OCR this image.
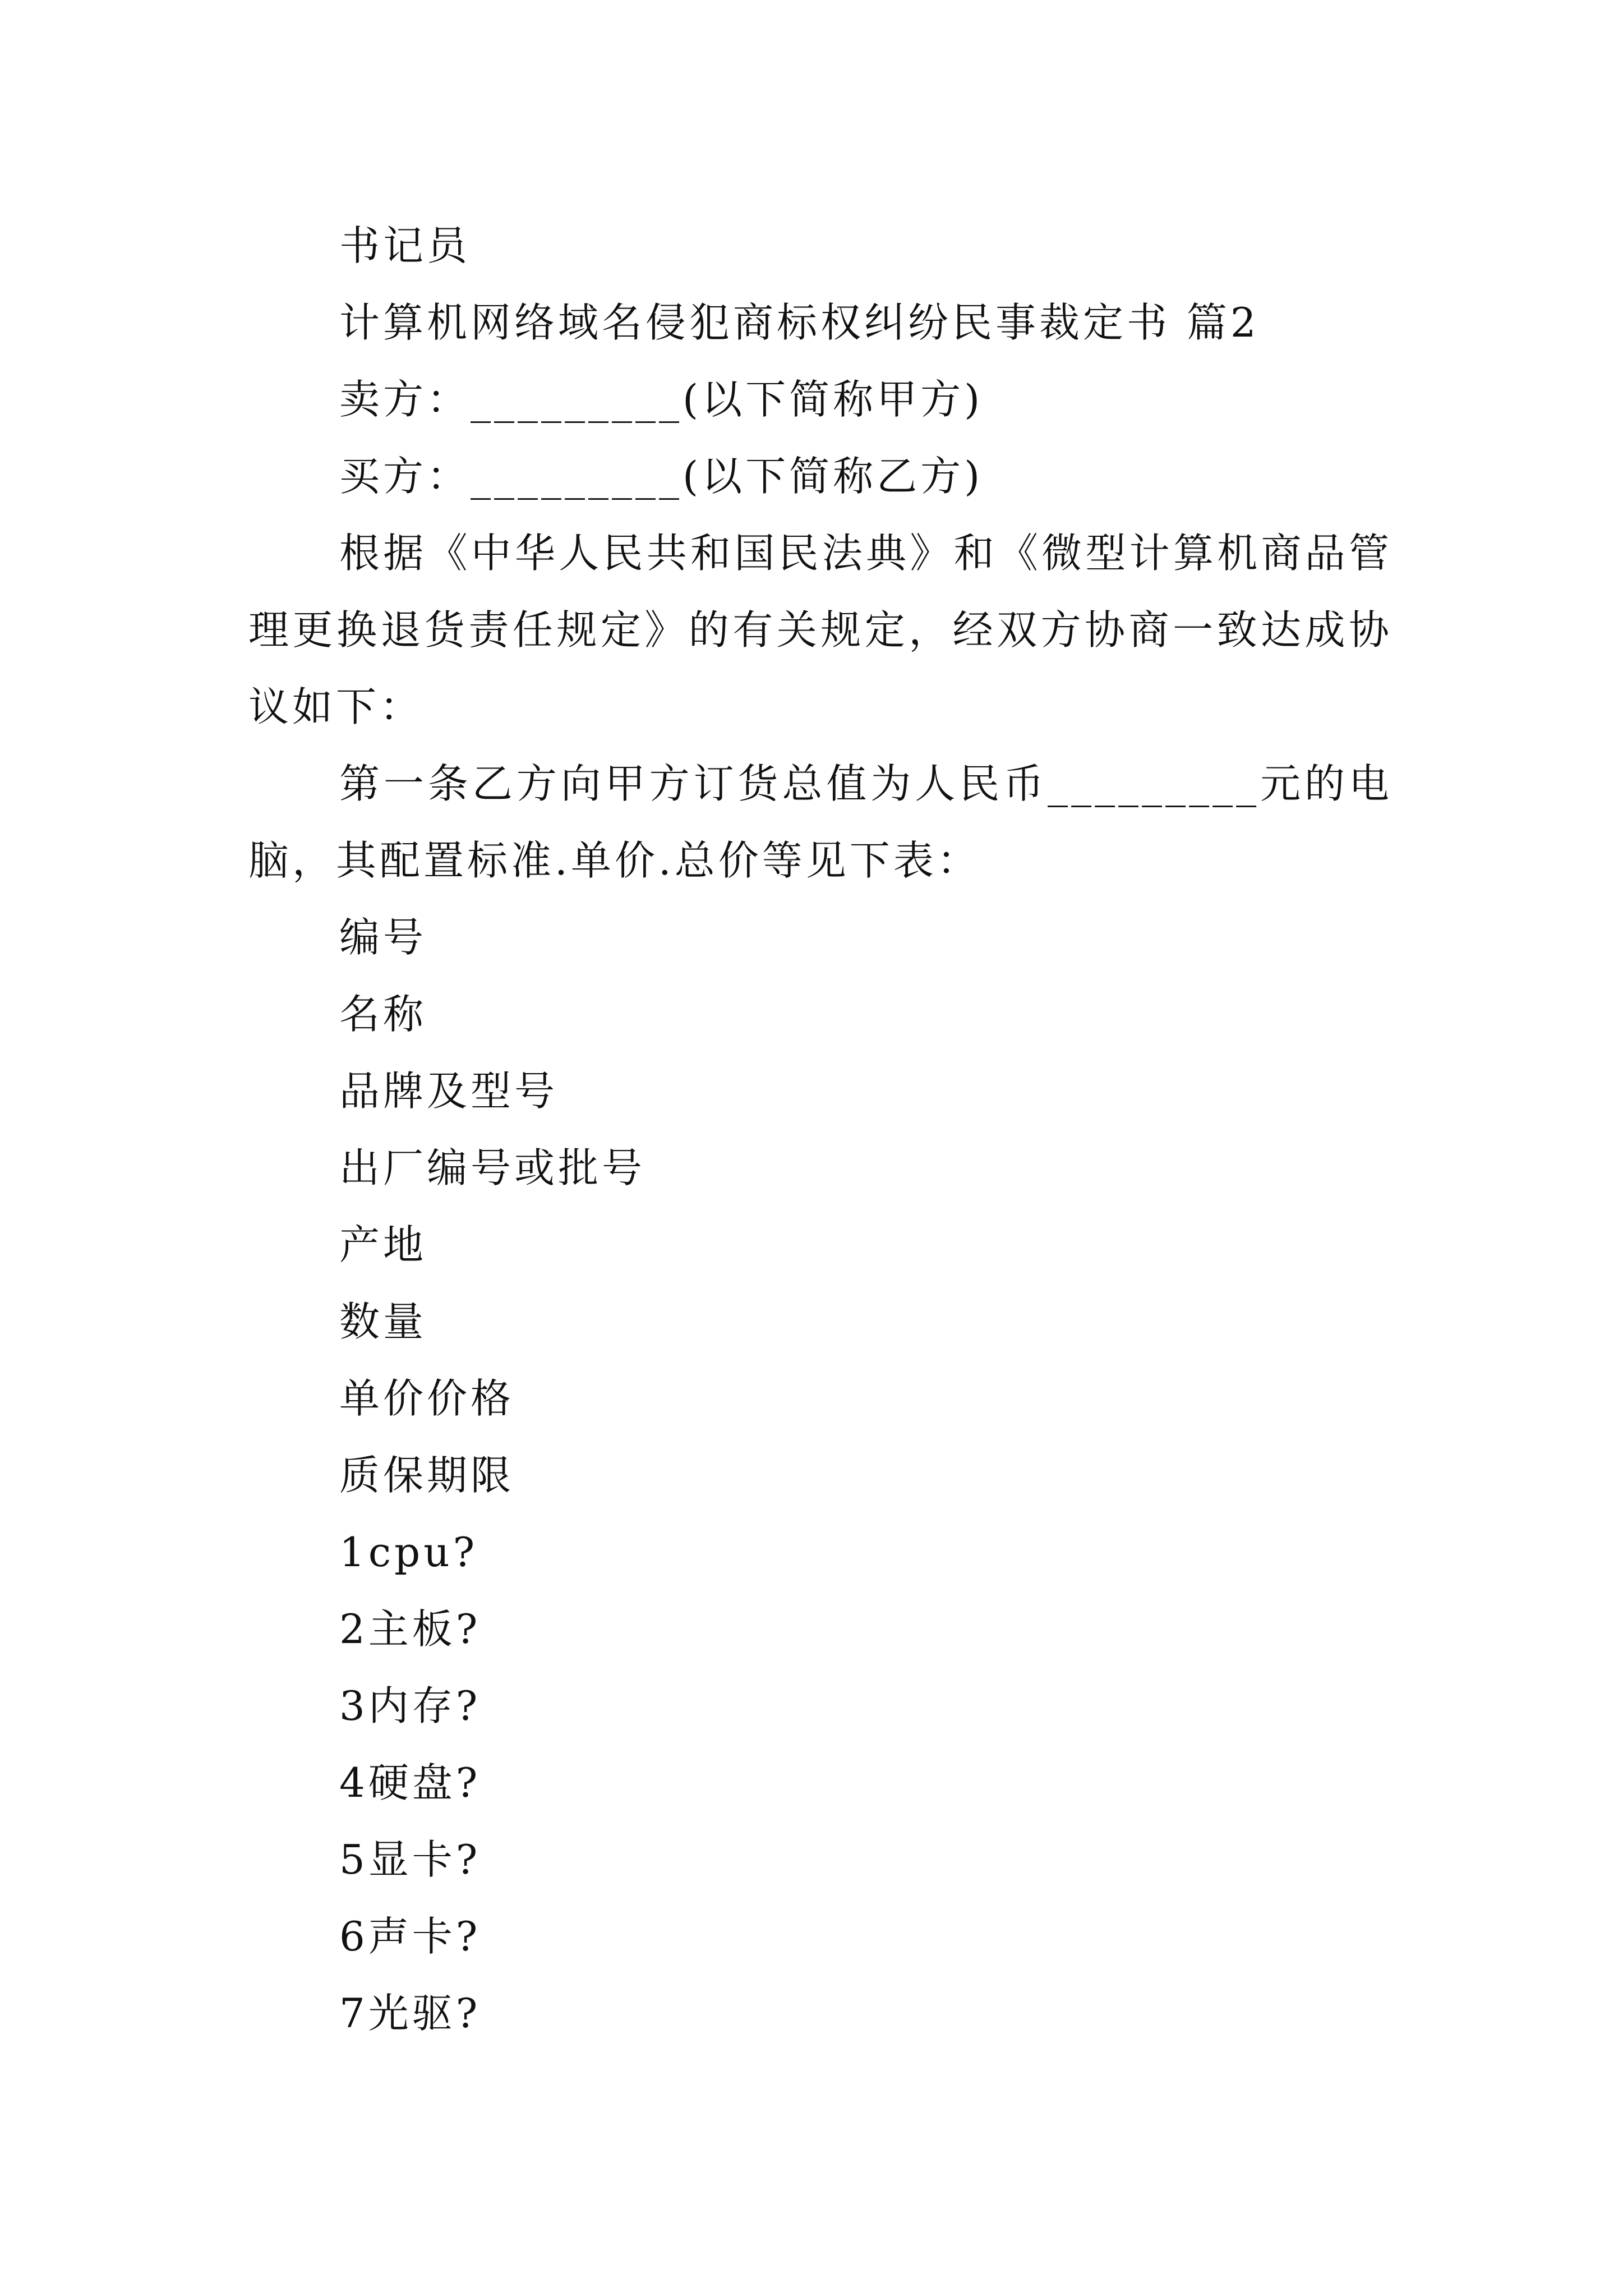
书记员

计算机网络域名侵犯商标权纠纷民事裁定书 篇2

卖方：_________(以下简称甲方)

买方：_________(以下简称乙方)

根据《中华人民共和国民法典》和《微型计算机商品管理更换退货责任规定》的有关规定，经双方协商一致达成协议如下：

第一条乙方向甲方订货总值为人民币_________元的电脑，其配置标准.单价.总价等见下表：

编号

名称

品牌及型号

出厂编号或批号

产地

数量

单价价格

质保期限

1cpu?

2主板?

3内存?

4硬盘?

5显卡?

6声卡?

7光驱?
